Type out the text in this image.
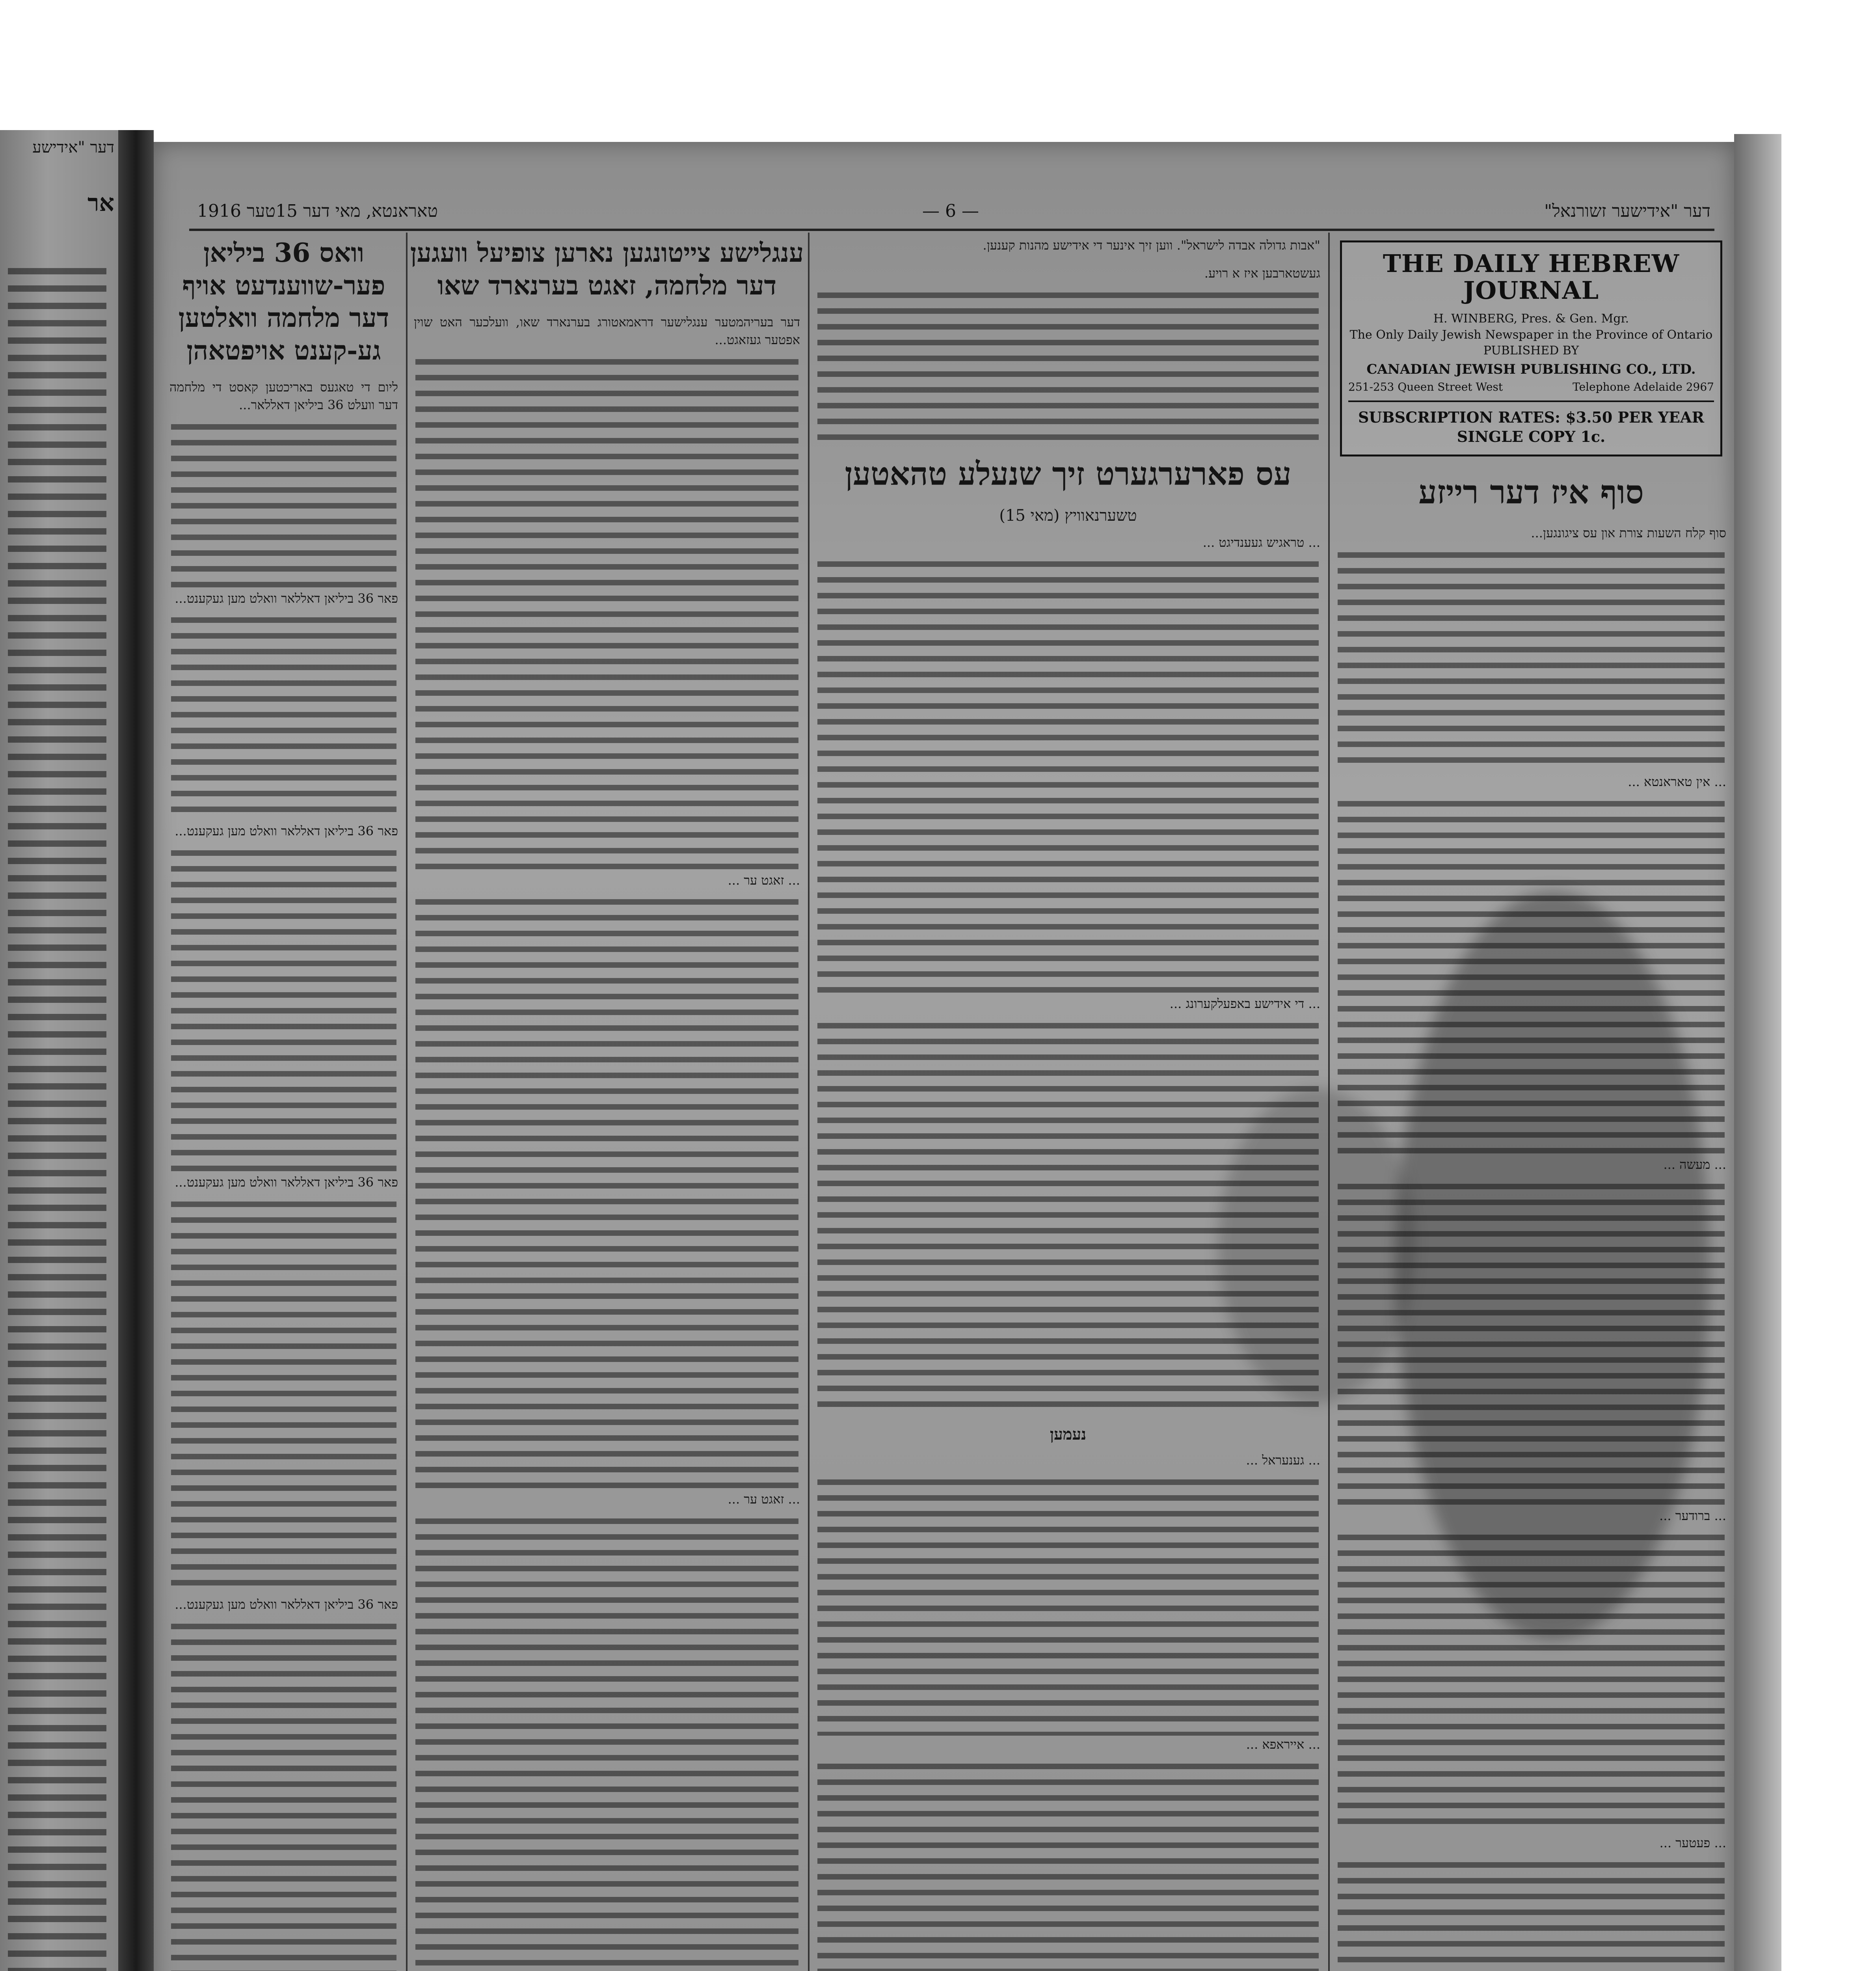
דער "אידישע
אר	טאראנטא, מאי דער 15טער 1916	— 6 —	דער "אידישער זשורנאל"
וואס 36 ביליאן פער-שווענדעט אויף דער מלחמה וואלטען גע-קענט אויפטאהן
ליום די טאגעס באריכטען קאסט די מלחמה דער וועלט 36 ביליאן דאללאר...
פאר 36 ביליאן דאללאר וואלט מען געקענט...
פאר 36 ביליאן דאללאר וואלט מען געקענט...
פאר 36 ביליאן דאללאר וואלט מען געקענט...
פאר 36 ביליאן דאללאר וואלט מען געקענט...
ענגלישע צייטונגען נארען צופיעל וועגען דער מלחמה, זאגט בערנארד שאו
דער בעריהמטער ענגלישער דראמאטורג בערנארד שאו, וועלכער האט שוין אפטער געזאגט...
... זאגט ער ...
... זאגט ער ...
"אבות גדולה אבדה לישראל". ווען זיך אינער די אידישע מהנות קענען.
געשטארבען איז א רויע.
עס פארערגערט זיך שנעלע טהאטען
טשערנאוויץ (מאי 15)
... טראגיש געענדיגט ...
... די אידישע באפעלקערונג ...
נעמען
... גענעראל ...
... אייראפא ...
THE DAILY HEBREW JOURNAL
H. WINBERG, Pres. & Gen. Mgr.
The Only Daily Jewish Newspaper in the Province of Ontario
PUBLISHED BY
CANADIAN JEWISH PUBLISHING CO., LTD.
251-253 Queen Street West	Telephone Adelaide 2967
SUBSCRIPTION RATES: $3.50 PER YEAR
SINGLE COPY 1c.
סוף איז דער רייזע
סוף קלח השעות צורת און עס ציגונגען...
... אין טאראנטא ...
... מעשה ...
... ברודער ...
... פעטער ...
